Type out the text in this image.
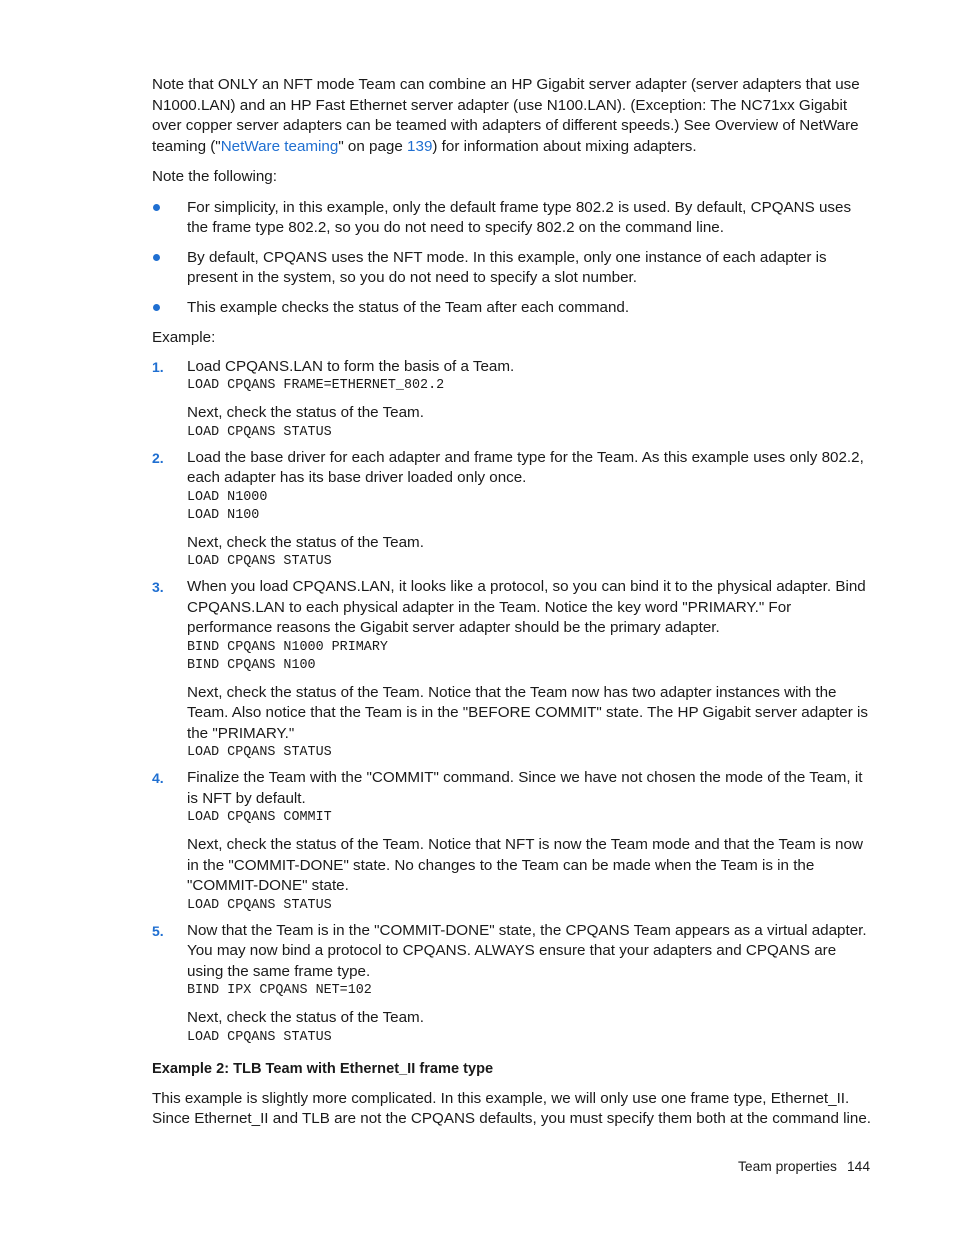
Note that ONLY an NFT mode Team can combine an HP Gigabit server adapter (server adapters that use N1000.LAN) and an HP Fast Ethernet server adapter (use N100.LAN). (Exception: The NC71xx Gigabit over copper server adapters can be teamed with adapters of different speeds.) See Overview of NetWare teaming ("NetWare teaming" on page 139) for information about mixing adapters.

Note the following:

For simplicity, in this example, only the default frame type 802.2 is used. By default, CPQANS uses the frame type 802.2, so you do not need to specify 802.2 on the command line.
By default, CPQANS uses the NFT mode. In this example, only one instance of each adapter is present in the system, so you do not need to specify a slot number.
This example checks the status of the Team after each command.

Example:

1. Load CPQANS.LAN to form the basis of a Team.

LOAD CPQANS FRAME=ETHERNET_802.2

Next, check the status of the Team.

LOAD CPQANS STATUS
2. Load the base driver for each adapter and frame type for the Team. As this example uses only 802.2, each adapter has its base driver loaded only once.

LOAD N1000
LOAD N100

Next, check the status of the Team.

LOAD CPQANS STATUS
3. When you load CPQANS.LAN, it looks like a protocol, so you can bind it to the physical adapter. Bind CPQANS.LAN to each physical adapter in the Team. Notice the key word "PRIMARY." For performance reasons the Gigabit server adapter should be the primary adapter.

BIND CPQANS N1000 PRIMARY
BIND CPQANS N100

Next, check the status of the Team. Notice that the Team now has two adapter instances with the Team. Also notice that the Team is in the "BEFORE COMMIT" state. The HP Gigabit server adapter is the "PRIMARY."

LOAD CPQANS STATUS
4. Finalize the Team with the "COMMIT" command. Since we have not chosen the mode of the Team, it is NFT by default.

LOAD CPQANS COMMIT

Next, check the status of the Team. Notice that NFT is now the Team mode and that the Team is now in the "COMMIT-DONE" state. No changes to the Team can be made when the Team is in the "COMMIT-DONE" state.

LOAD CPQANS STATUS
5. Now that the Team is in the "COMMIT-DONE" state, the CPQANS Team appears as a virtual adapter. You may now bind a protocol to CPQANS. ALWAYS ensure that your adapters and CPQANS are using the same frame type.

BIND IPX CPQANS NET=102

Next, check the status of the Team.

LOAD CPQANS STATUS
Example 2: TLB Team with Ethernet_II frame type

This example is slightly more complicated. In this example, we will only use one frame type, Ethernet_II. Since Ethernet_II and TLB are not the CPQANS defaults, you must specify them both at the command line.

Team properties 144
